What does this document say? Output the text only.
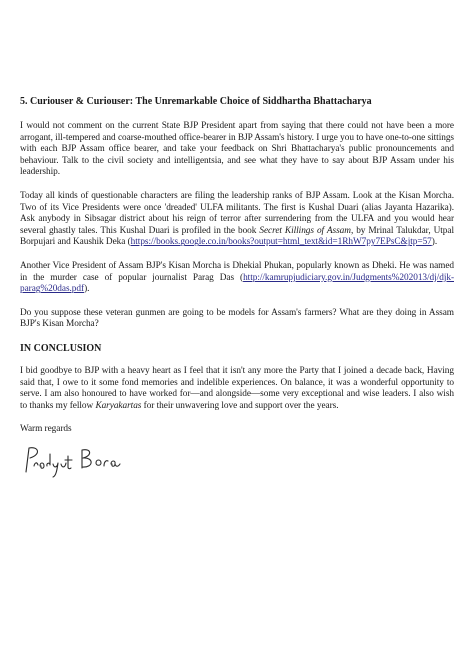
5. Curiouser & Curiouser: The Unremarkable Choice of Siddhartha Bhattacharya

I would not comment on the current State BJP President apart from saying that there could not have been a more arrogant, ill-tempered and coarse-mouthed office-bearer in BJP Assam's history. I urge you to have one-to-one sittings with each BJP Assam office bearer, and take your feedback on Shri Bhattacharya's public pronouncements and behaviour. Talk to the civil society and intelligentsia, and see what they have to say about BJP Assam under his leadership.

Today all kinds of questionable characters are filing the leadership ranks of BJP Assam. Look at the Kisan Morcha. Two of its Vice Presidents were once 'dreaded' ULFA militants. The first is Kushal Duari (alias Jayanta Hazarika). Ask anybody in Sibsagar district about his reign of terror after surrendering from the ULFA and you would hear several ghastly tales. This Kushal Duari is profiled in the book Secret Killings of Assam, by Mrinal Talukdar, Utpal Borpujari and Kaushik Deka (https://books.google.co.in/books?output=html_text&id=1RhW7py7EPsC&jtp=57).

Another Vice President of Assam BJP's Kisan Morcha is Dhekial Phukan, popularly known as Dheki. He was named in the murder case of popular journalist Parag Das (http://kamrupjudiciary.gov.in/Judgments%202013/dj/djk-parag%20das.pdf).

Do you suppose these veteran gunmen are going to be models for Assam's farmers? What are they doing in Assam BJP's Kisan Morcha?

IN CONCLUSION

I bid goodbye to BJP with a heavy heart as I feel that it isn't any more the Party that I joined a decade back, Having said that, I owe to it some fond memories and indelible experiences. On balance, it was a wonderful opportunity to serve. I am also honoured to have worked for—and alongside—some very exceptional and wise leaders. I also wish to thanks my fellow Karyakartas for their unwavering love and support over the years.

Warm regards
